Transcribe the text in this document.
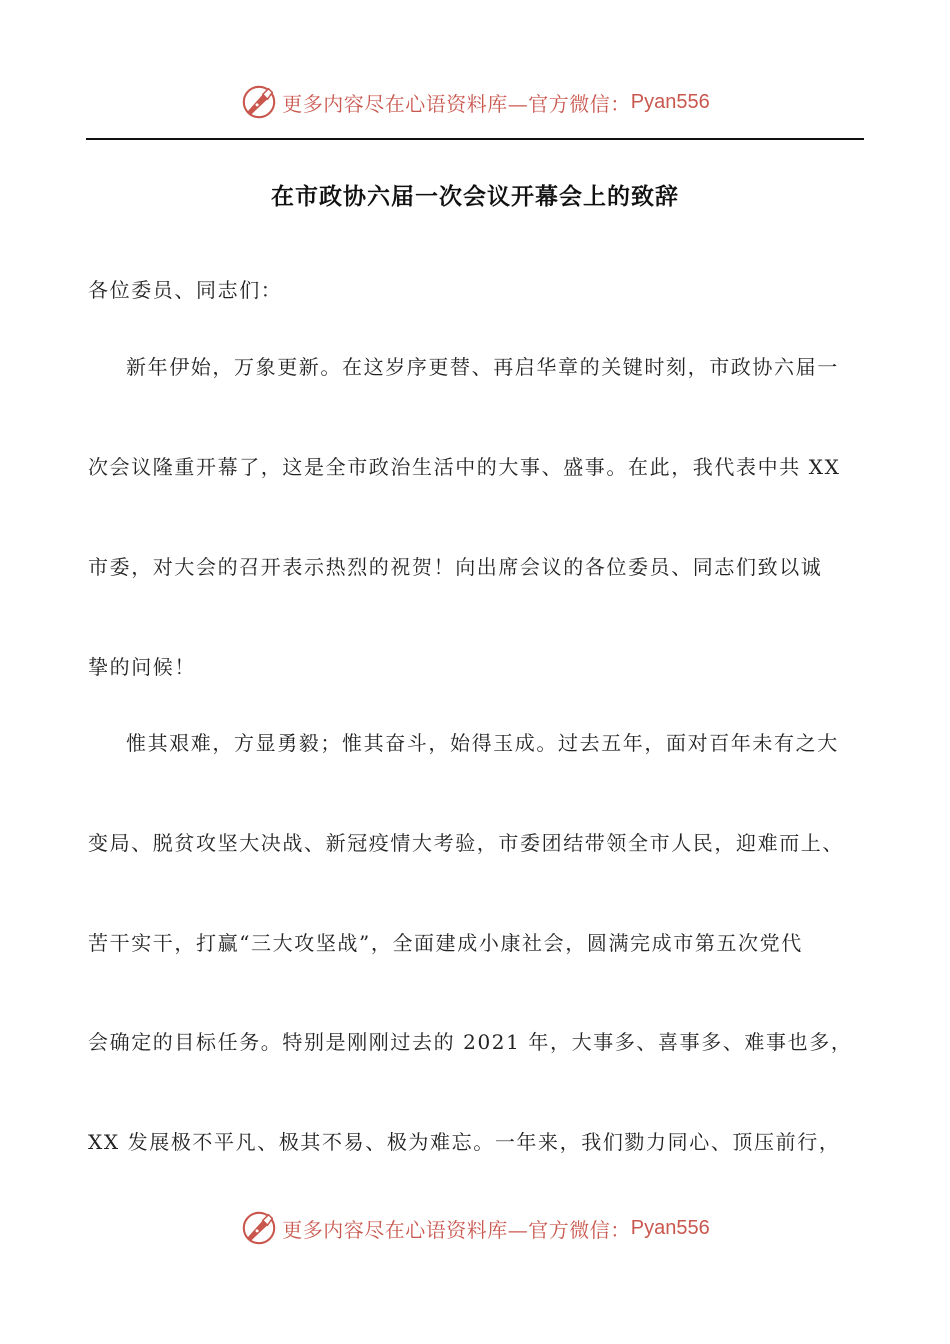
更多内容尽在心语资料库—官方微信： Pyan556
在市政协六届一次会议开幕会上的致辞
各位委员、同志们：
新年伊始，万象更新。在这岁序更替、再启华章的关键时刻，市政协六届一
次会议隆重开幕了，这是全市政治生活中的大事、盛事。在此，我代表中共 XX
市委，对大会的召开表示热烈的祝贺！向出席会议的各位委员、同志们致以诚
挚的问候！
惟其艰难，方显勇毅；惟其奋斗，始得玉成。过去五年，面对百年未有之大
变局、脱贫攻坚大决战、新冠疫情大考验，市委团结带领全市人民，迎难而上、
苦干实干，打赢“三大攻坚战”，全面建成小康社会，圆满完成市第五次党代
会确定的目标任务。特别是刚刚过去的 2021 年，大事多、喜事多、难事也多，
XX 发展极不平凡、极其不易、极为难忘。一年来，我们勠力同心、顶压前行，
更多内容尽在心语资料库—官方微信： Pyan556
